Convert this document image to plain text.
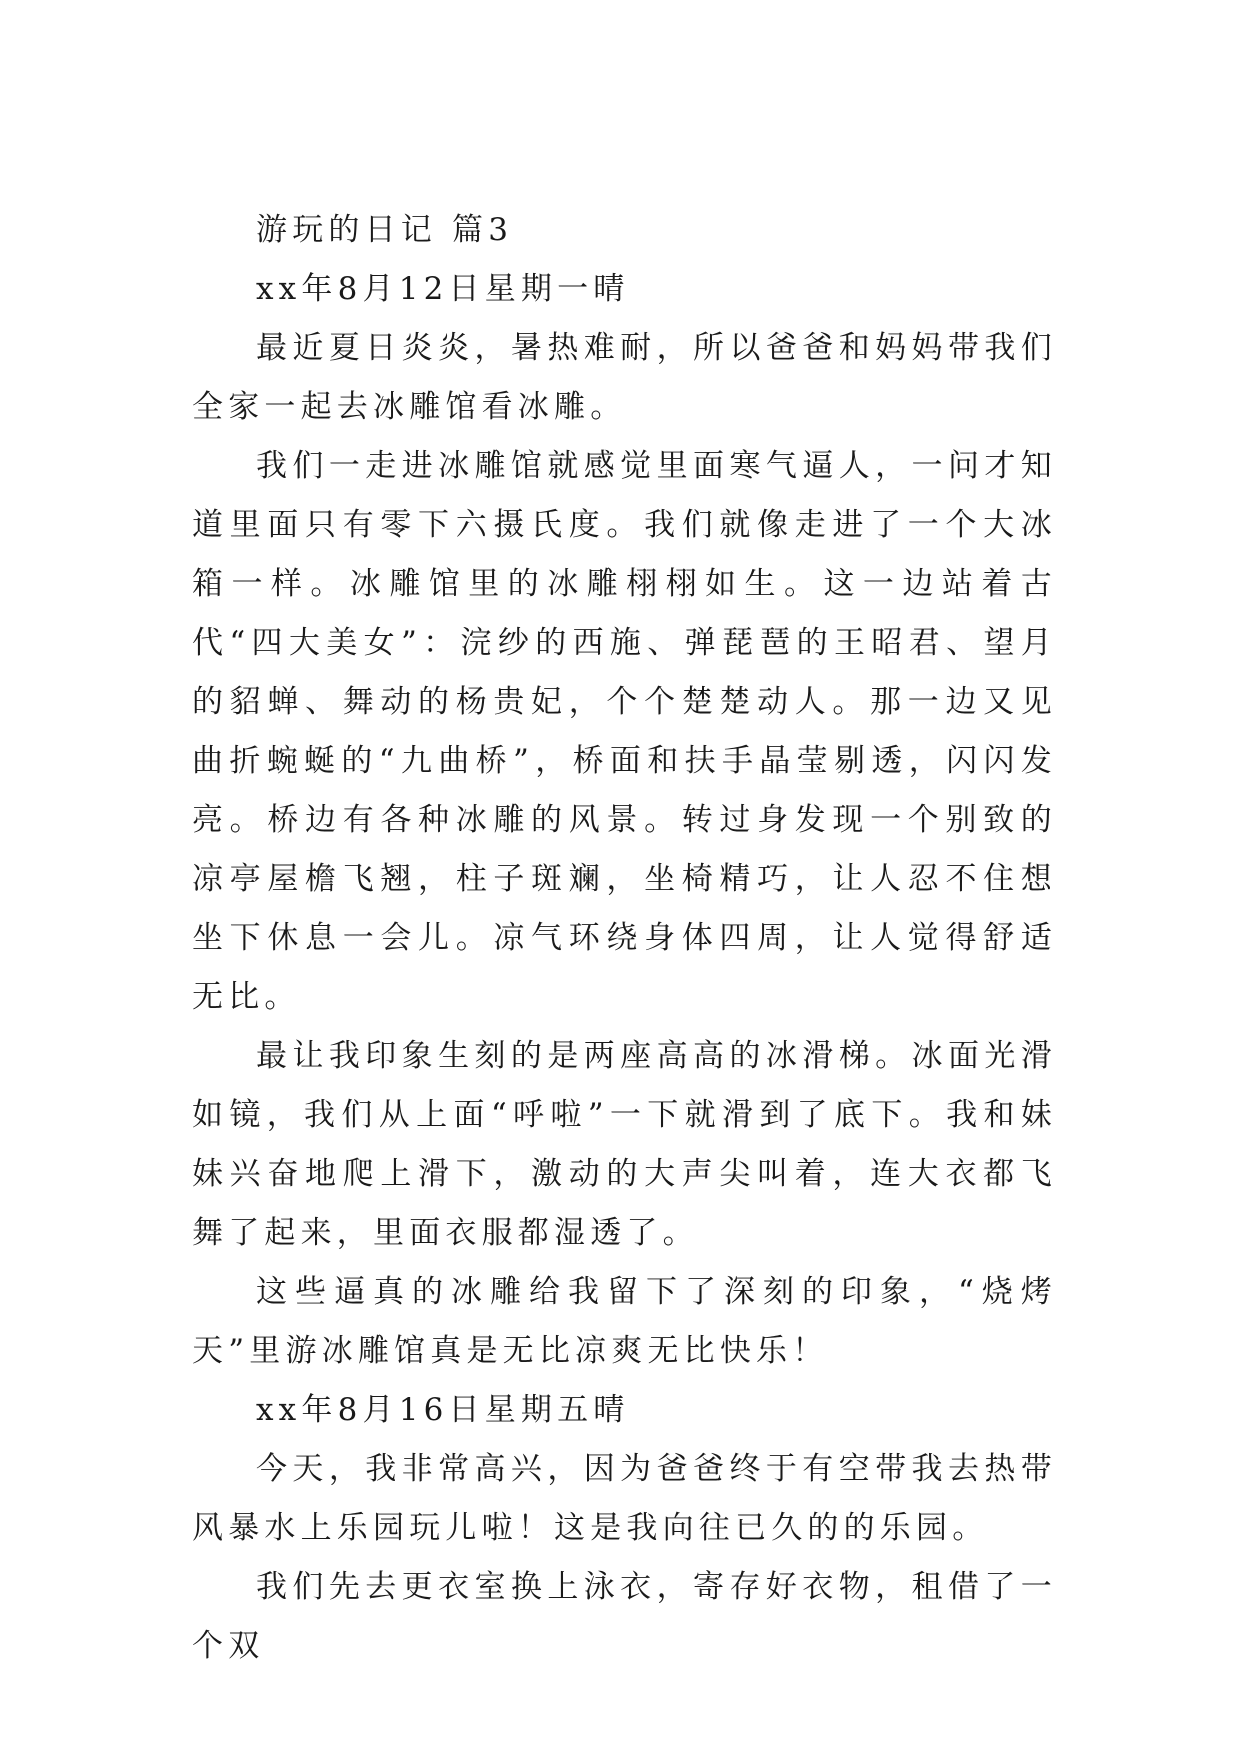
游玩的日记 篇3

xx年8月12日星期一晴

最近夏日炎炎，暑热难耐，所以爸爸和妈妈带我们全家一起去冰雕馆看冰雕。

我们一走进冰雕馆就感觉里面寒气逼人，一问才知道里面只有零下六摄氏度。我们就像走进了一个大冰箱一样。冰雕馆里的冰雕栩栩如生。这一边站着古代“四大美女”：浣纱的西施、弹琵琶的王昭君、望月的貂蝉、舞动的杨贵妃，个个楚楚动人。那一边又见曲折蜿蜒的“九曲桥”，桥面和扶手晶莹剔透，闪闪发亮。桥边有各种冰雕的风景。转过身发现一个别致的凉亭屋檐飞翘，柱子斑斓，坐椅精巧，让人忍不住想坐下休息一会儿。凉气环绕身体四周，让人觉得舒适无比。

最让我印象生刻的是两座高高的冰滑梯。冰面光滑如镜，我们从上面“呼啦”一下就滑到了底下。我和妹妹兴奋地爬上滑下，激动的大声尖叫着，连大衣都飞舞了起来，里面衣服都湿透了。

这些逼真的冰雕给我留下了深刻的印象，“烧烤天”里游冰雕馆真是无比凉爽无比快乐！

xx年8月16日星期五晴

今天，我非常高兴，因为爸爸终于有空带我去热带风暴水上乐园玩儿啦！这是我向往已久的的乐园。

我们先去更衣室换上泳衣，寄存好衣物，租借了一个双
